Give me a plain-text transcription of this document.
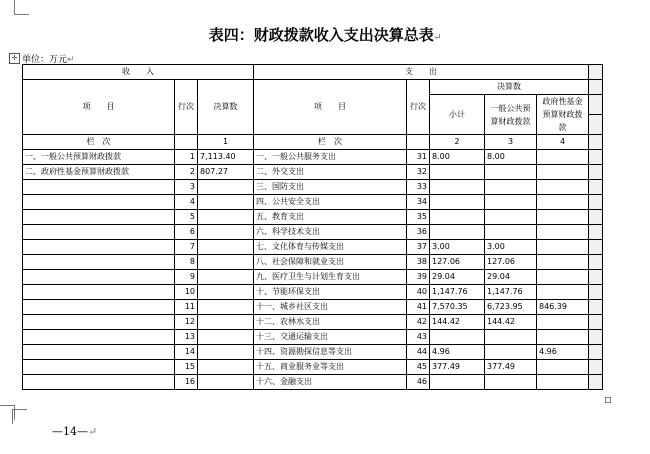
表四：财政拨款收入支出决算总表↵
✛ 单位：万元↵
收　　入			支　　出					
项　　目	行次	决算数	项　　目	行次	决算数			
					小计	一般公共预算财政拨款	政府性基金预算财政拨款	

栏　次		1	栏　次		2	3	4	
一、一般公共预算财政拨款	1	7,113.40	一、一般公共服务支出	31	8.00	8.00		
二、政府性基金预算财政拨款	2	807.27	二、外交支出	32				
	3		三、国防支出	33				
	4		四、公共安全支出	34				
	5		五、教育支出	35				
	6		六、科学技术支出	36				
	7		七、文化体育与传媒支出	37	3.00	3.00		
	8		八、社会保障和就业支出	38	127.06	127.06		
	9		九、医疗卫生与计划生育支出	39	29.04	29.04		
	10		十、节能环保支出	40	1,147.76	1,147.76		
	11		十一、城乡社区支出	41	7,570.35	6,723.95	846.39	
	12		十二、农林水支出	42	144.42	144.42		
	13		十三、交通运输支出	43				
	14		十四、资源勘探信息等支出	44	4.96		4.96	
	15		十五、商业服务业等支出	45	377.49	377.49		
	16		十六、金融支出	46				
—14—↵
